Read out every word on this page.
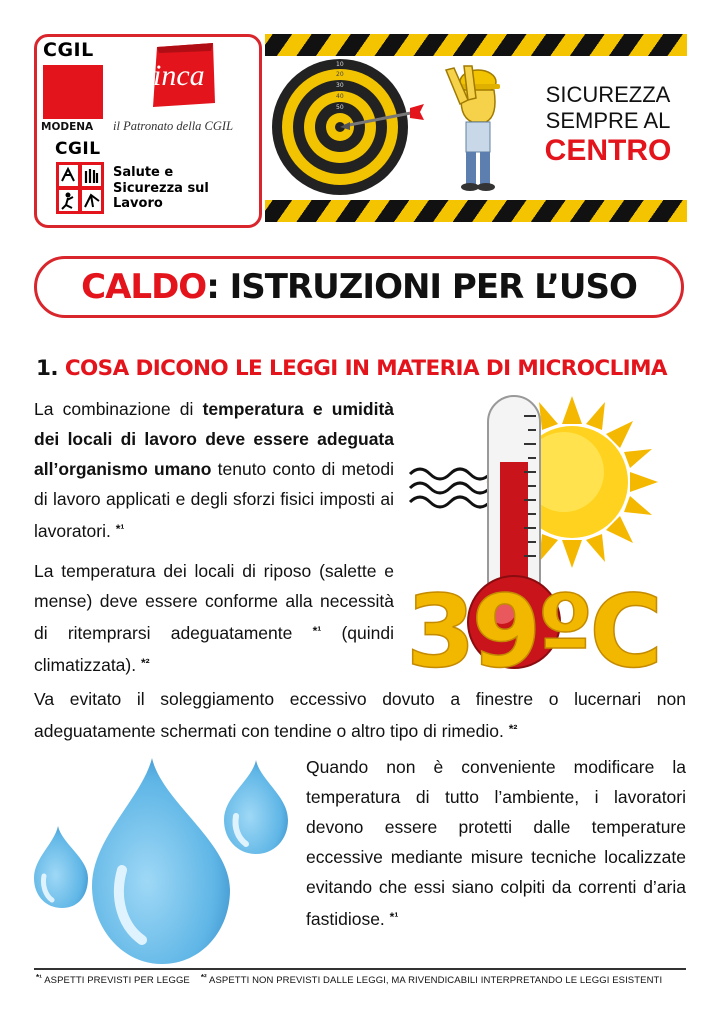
CGIL
MODENA
inca
il Patronato della CGIL
CGIL
Salute e
Sicurezza sul
Lavoro
10
20
30
40
50
SICUREZZA
SEMPRE AL
CENTRO
CALDO : ISTRUZIONI PER L’USO
1. COSA DICONO LE LEGGI IN MATERIA DI MICROCLIMA
La combinazione di temperatura e umidità dei locali di lavoro deve essere adeguata all’organismo umano tenuto conto di metodi di lavoro applicati e degli sforzi fisici imposti ai lavoratori. $^{*^1}$
La temperatura dei locali di riposo (salette e mense) deve essere conforme alla necessità di ritemprarsi adeguatamente $^{*^1}$ (quindi climatizzata). $^{*^2}$	39ºC
Va evitato il soleggiamento eccessivo dovuto a finestre o lucernari non adeguatamente schermati con tendine o altro tipo di rimedio. $^{*^2}$
Quando non è conveniente modificare la temperatura di tutto l’ambiente, i lavoratori devono essere protetti dalle temperature eccessive mediante misure tecniche localizzate evitando che essi siano colpiti da correnti d’aria fastidiose. $^{*^1}$
$^{*^1}$ ASPETTI PREVISTI PER LEGGE $^{*^2}$ ASPETTI NON PREVISTI DALLE LEGGI, MA RIVENDICABILI INTERPRETANDO LE LEGGI ESISTENTI
